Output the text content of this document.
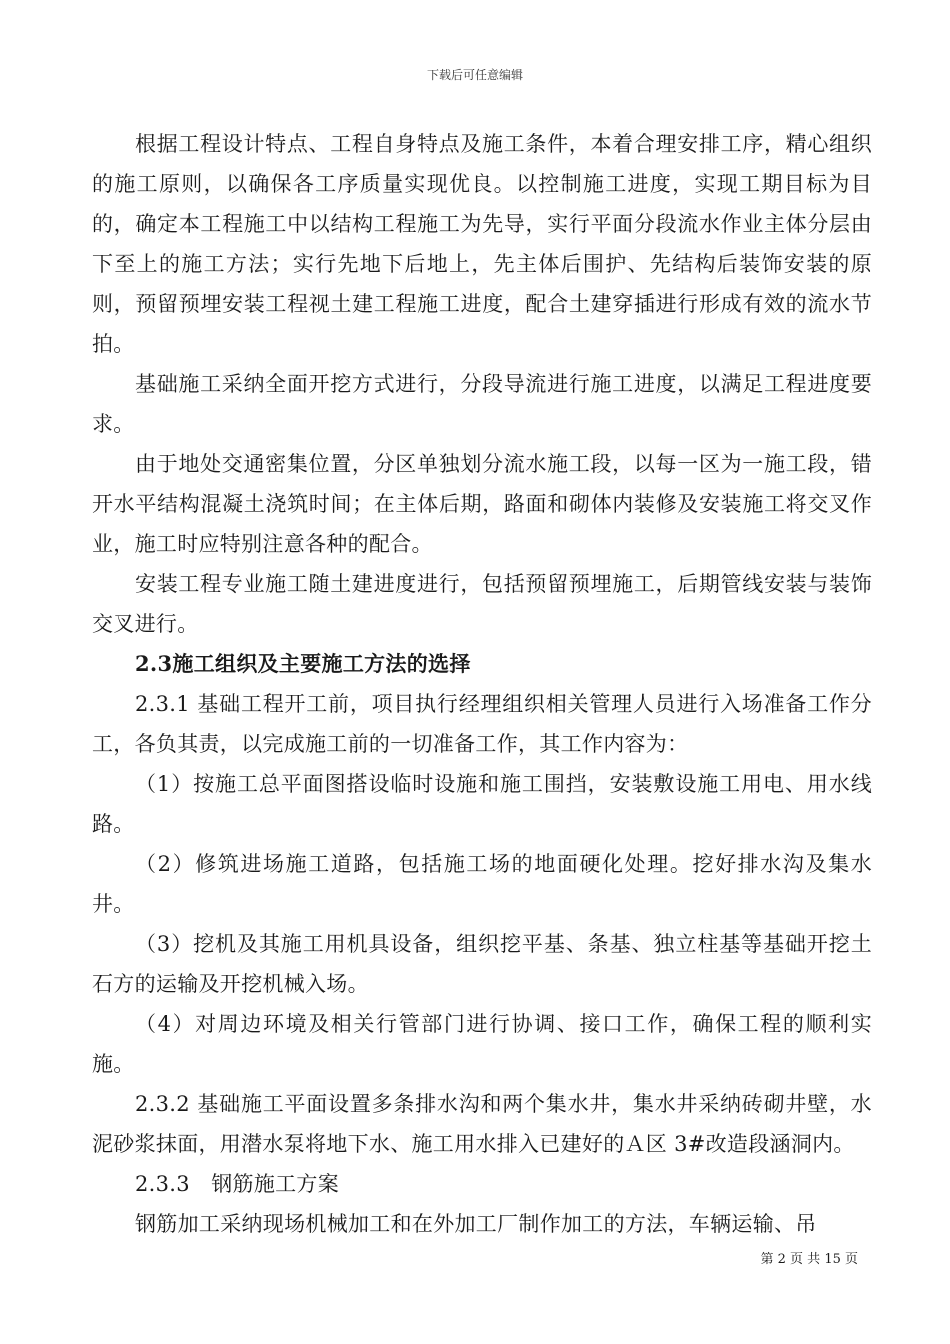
下载后可任意编辑

根据工程设计特点、工程自身特点及施工条件，本着合理安排工序，精心组织的施工原则，以确保各工序质量实现优良。以控制施工进度，实现工期目标为目的，确定本工程施工中以结构工程施工为先导，实行平面分段流水作业主体分层由下至上的施工方法；实行先地下后地上，先主体后围护、先结构后装饰安装的原则，预留预埋安装工程视土建工程施工进度，配合土建穿插进行形成有效的流水节拍。

基础施工采纳全面开挖方式进行，分段导流进行施工进度，以满足工程进度要求。

由于地处交通密集位置，分区单独划分流水施工段，以每一区为一施工段，错开水平结构混凝土浇筑时间；在主体后期，路面和砌体内装修及安装施工将交叉作业，施工时应特别注意各种的配合。

安装工程专业施工随土建进度进行，包括预留预埋施工，后期管线安装与装饰交叉进行。

2.3施工组织及主要施工方法的选择

2.3.1 基础工程开工前，项目执行经理组织相关管理人员进行入场准备工作分工，各负其责，以完成施工前的一切准备工作，其工作内容为：

（1）按施工总平面图搭设临时设施和施工围挡，安装敷设施工用电、用水线路。

（2）修筑进场施工道路，包括施工场的地面硬化处理。挖好排水沟及集水井。

（3）挖机及其施工用机具设备，组织挖平基、条基、独立柱基等基础开挖土石方的运输及开挖机械入场。

（4）对周边环境及相关行管部门进行协调、接口工作，确保工程的顺利实施。

2.3.2 基础施工平面设置多条排水沟和两个集水井，集水井采纳砖砌井壁，水泥砂浆抹面，用潜水泵将地下水、施工用水排入已建好的Ａ区 3#改造段涵洞内。

2.3.3　钢筋施工方案

钢筋加工采纳现场机械加工和在外加工厂制作加工的方法，车辆运输、吊

第 2 页 共 15 页
